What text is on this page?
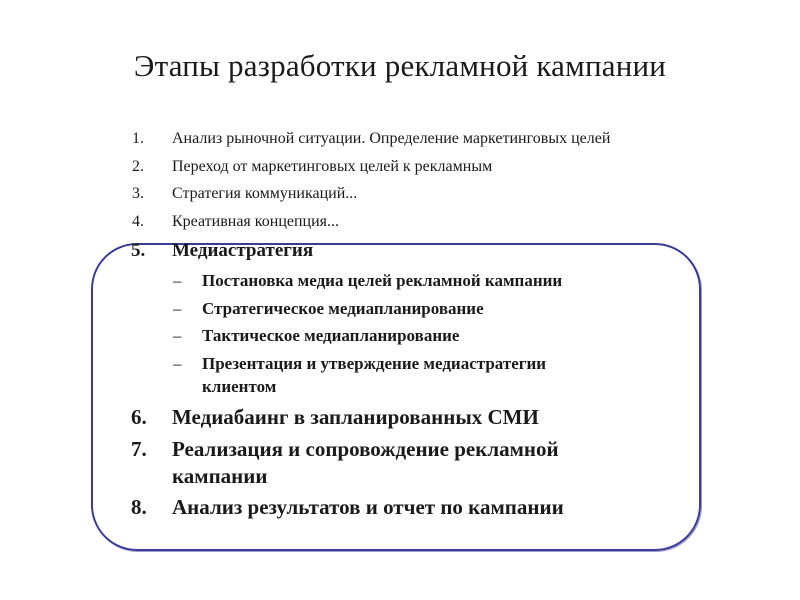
Этапы разработки рекламной кампании
1. Анализ рыночной ситуации. Определение маркетинговых целей
2. Переход от маркетинговых целей к рекламным
3. Стратегия коммуникаций...
4. Креативная концепция...
5. Медиастратегия
– Постановка медиа целей рекламной кампании
– Стратегическое медиапланирование
– Тактическое медиапланирование
– Презентация и утверждение медиастратегии
клиентом
6. Медиабаинг в запланированных СМИ
7. Реализация и сопровождение рекламной
кампании
8. Анализ результатов и отчет по кампании
